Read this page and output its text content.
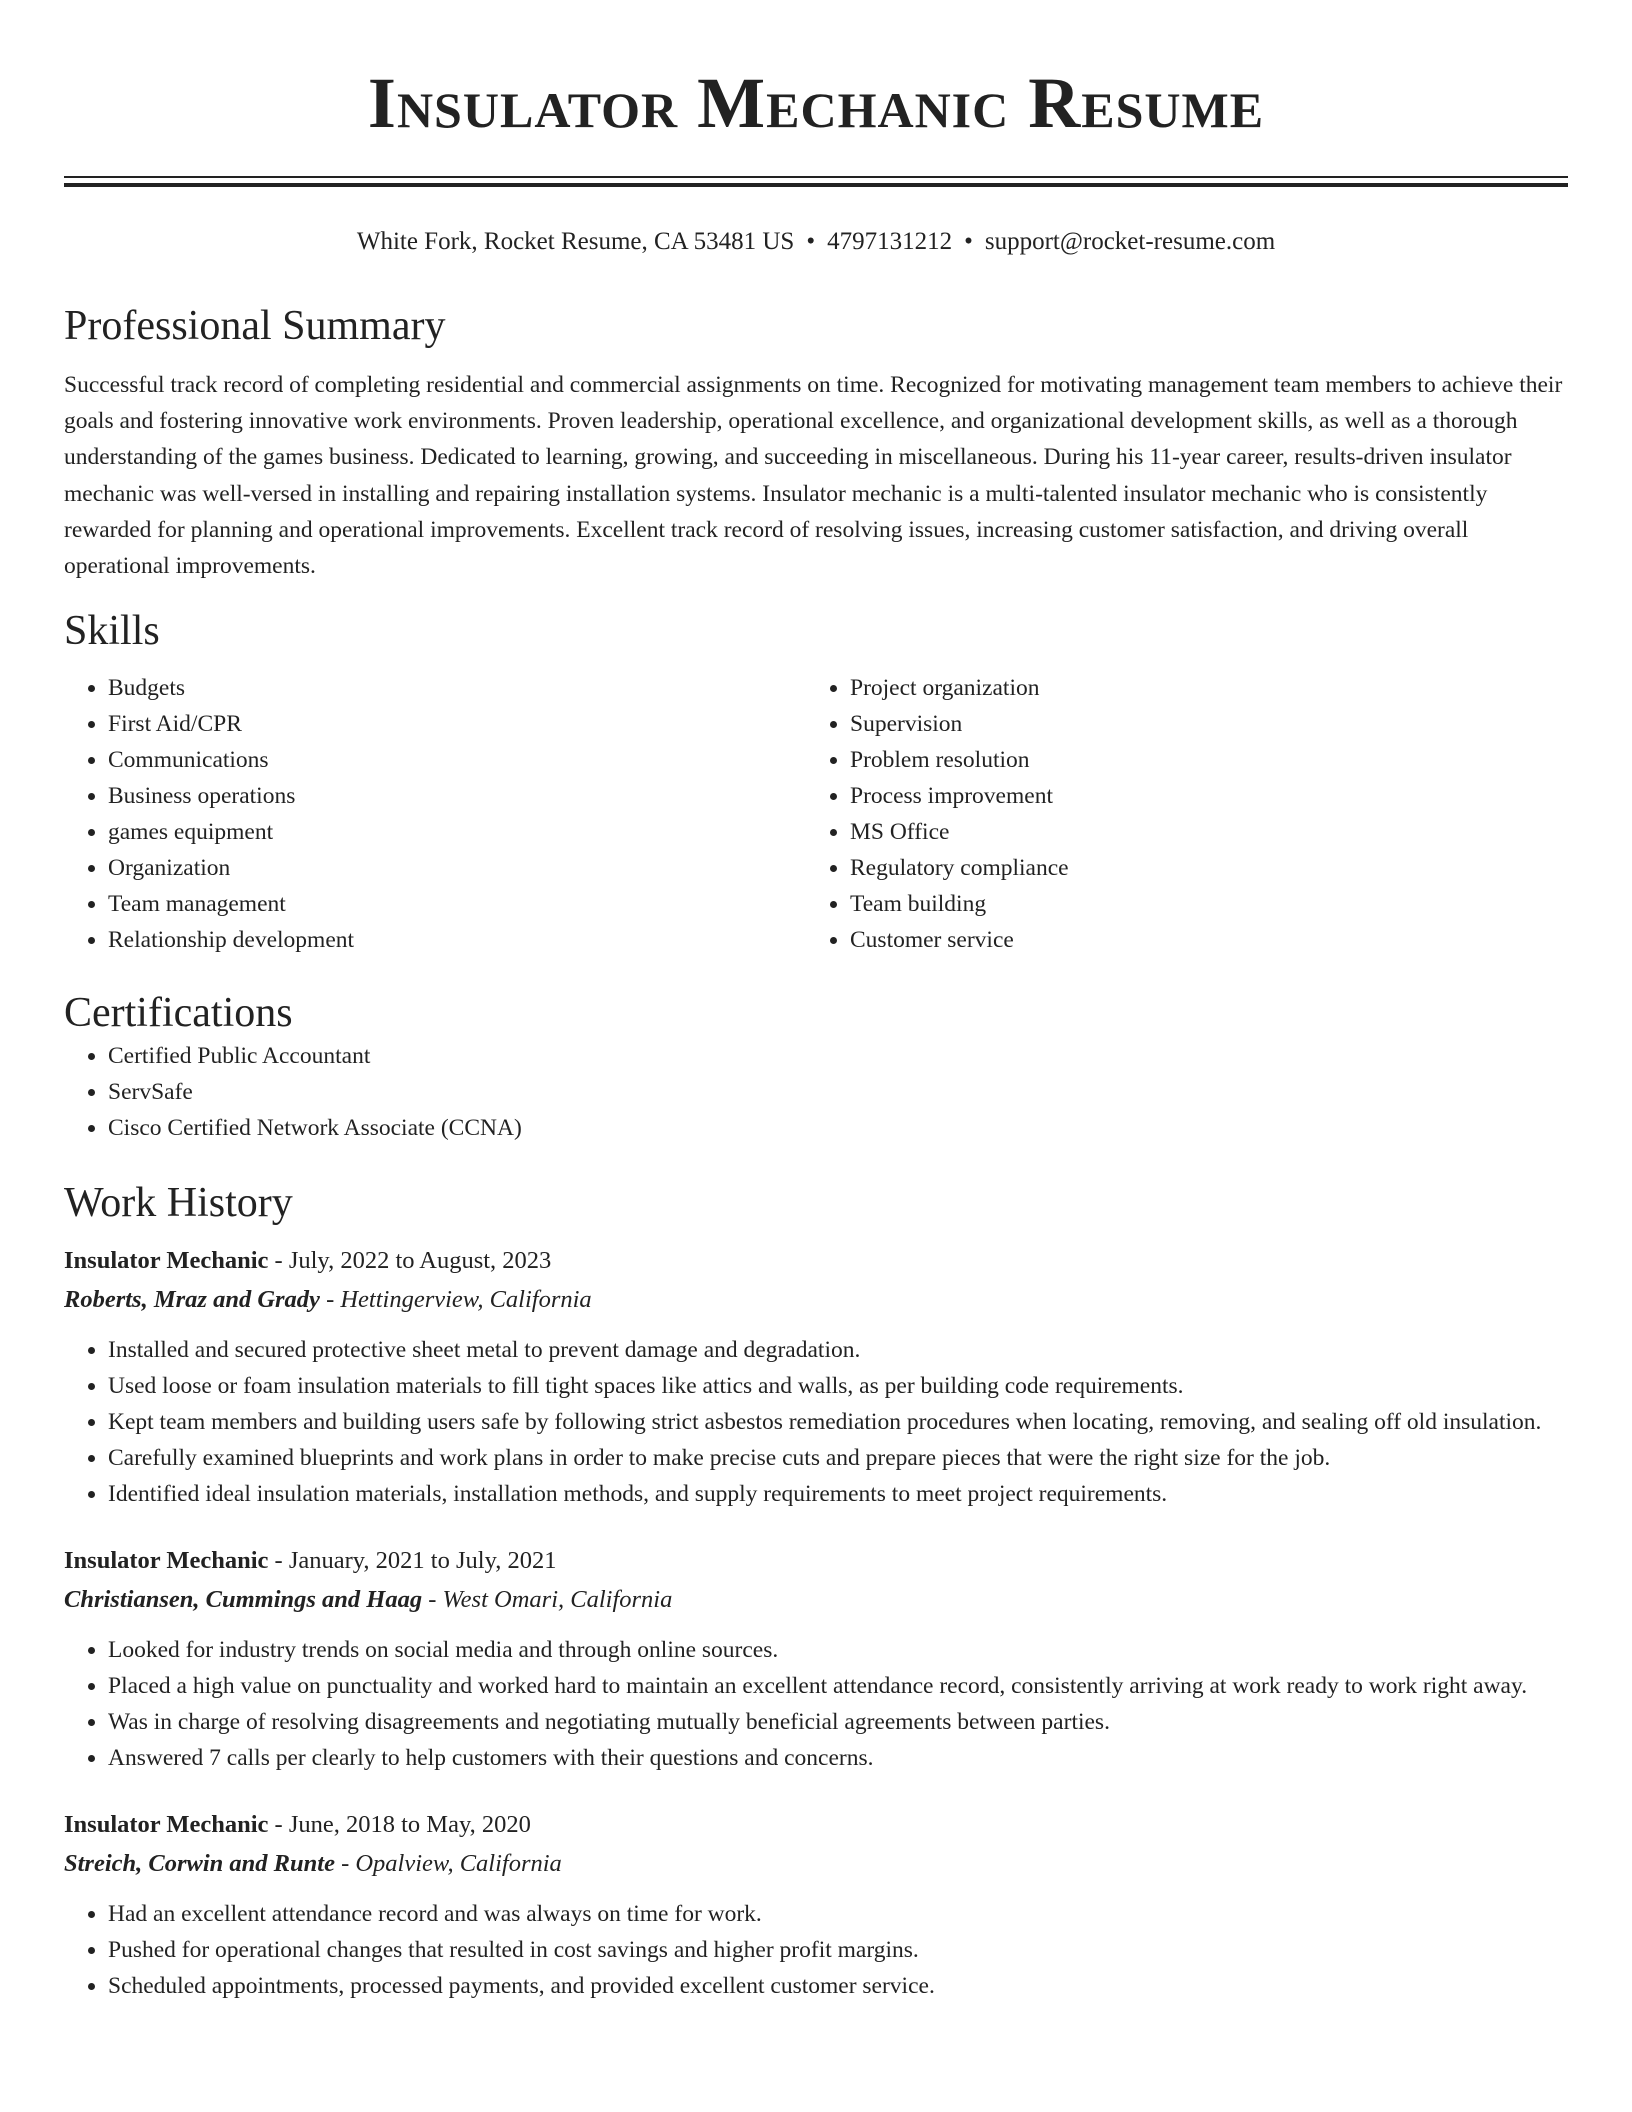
Insulator Mechanic Resume
White Fork, Rocket Resume, CA 53481 US • 4797131212 • support@rocket-resume.com
Professional Summary

Successful track record of completing residential and commercial assignments on time. Recognized for motivating management team members to achieve their goals and fostering innovative work environments. Proven leadership, operational excellence, and organizational development skills, as well as a thorough understanding of the games business. Dedicated to learning, growing, and succeeding in miscellaneous. During his 11-year career, results-driven insulator mechanic was well-versed in installing and repairing installation systems. Insulator mechanic is a multi-talented insulator mechanic who is consistently rewarded for planning and operational improvements. Excellent track record of resolving issues, increasing customer satisfaction, and driving overall operational improvements.

Skills
• Budgets
• First Aid/CPR
• Communications
• Business operations
• games equipment
• Organization
• Team management
• Relationship development
• Project organization
• Supervision
• Problem resolution
• Process improvement
• MS Office
• Regulatory compliance
• Team building
• Customer service
Certifications
• Certified Public Accountant
• ServSafe
• Cisco Certified Network Associate (CCNA)
Work History
Insulator Mechanic - July, 2022 to August, 2023
Roberts, Mraz and Grady - Hettingerview, California
• Installed and secured protective sheet metal to prevent damage and degradation.
• Used loose or foam insulation materials to fill tight spaces like attics and walls, as per building code requirements.
• Kept team members and building users safe by following strict asbestos remediation procedures when locating, removing, and sealing off old insulation.
• Carefully examined blueprints and work plans in order to make precise cuts and prepare pieces that were the right size for the job.
• Identified ideal insulation materials, installation methods, and supply requirements to meet project requirements.
Insulator Mechanic - January, 2021 to July, 2021
Christiansen, Cummings and Haag - West Omari, California
• Looked for industry trends on social media and through online sources.
• Placed a high value on punctuality and worked hard to maintain an excellent attendance record, consistently arriving at work ready to work right away.
• Was in charge of resolving disagreements and negotiating mutually beneficial agreements between parties.
• Answered 7 calls per clearly to help customers with their questions and concerns.
Insulator Mechanic - June, 2018 to May, 2020
Streich, Corwin and Runte - Opalview, California
• Had an excellent attendance record and was always on time for work.
• Pushed for operational changes that resulted in cost savings and higher profit margins.
• Scheduled appointments, processed payments, and provided excellent customer service.
